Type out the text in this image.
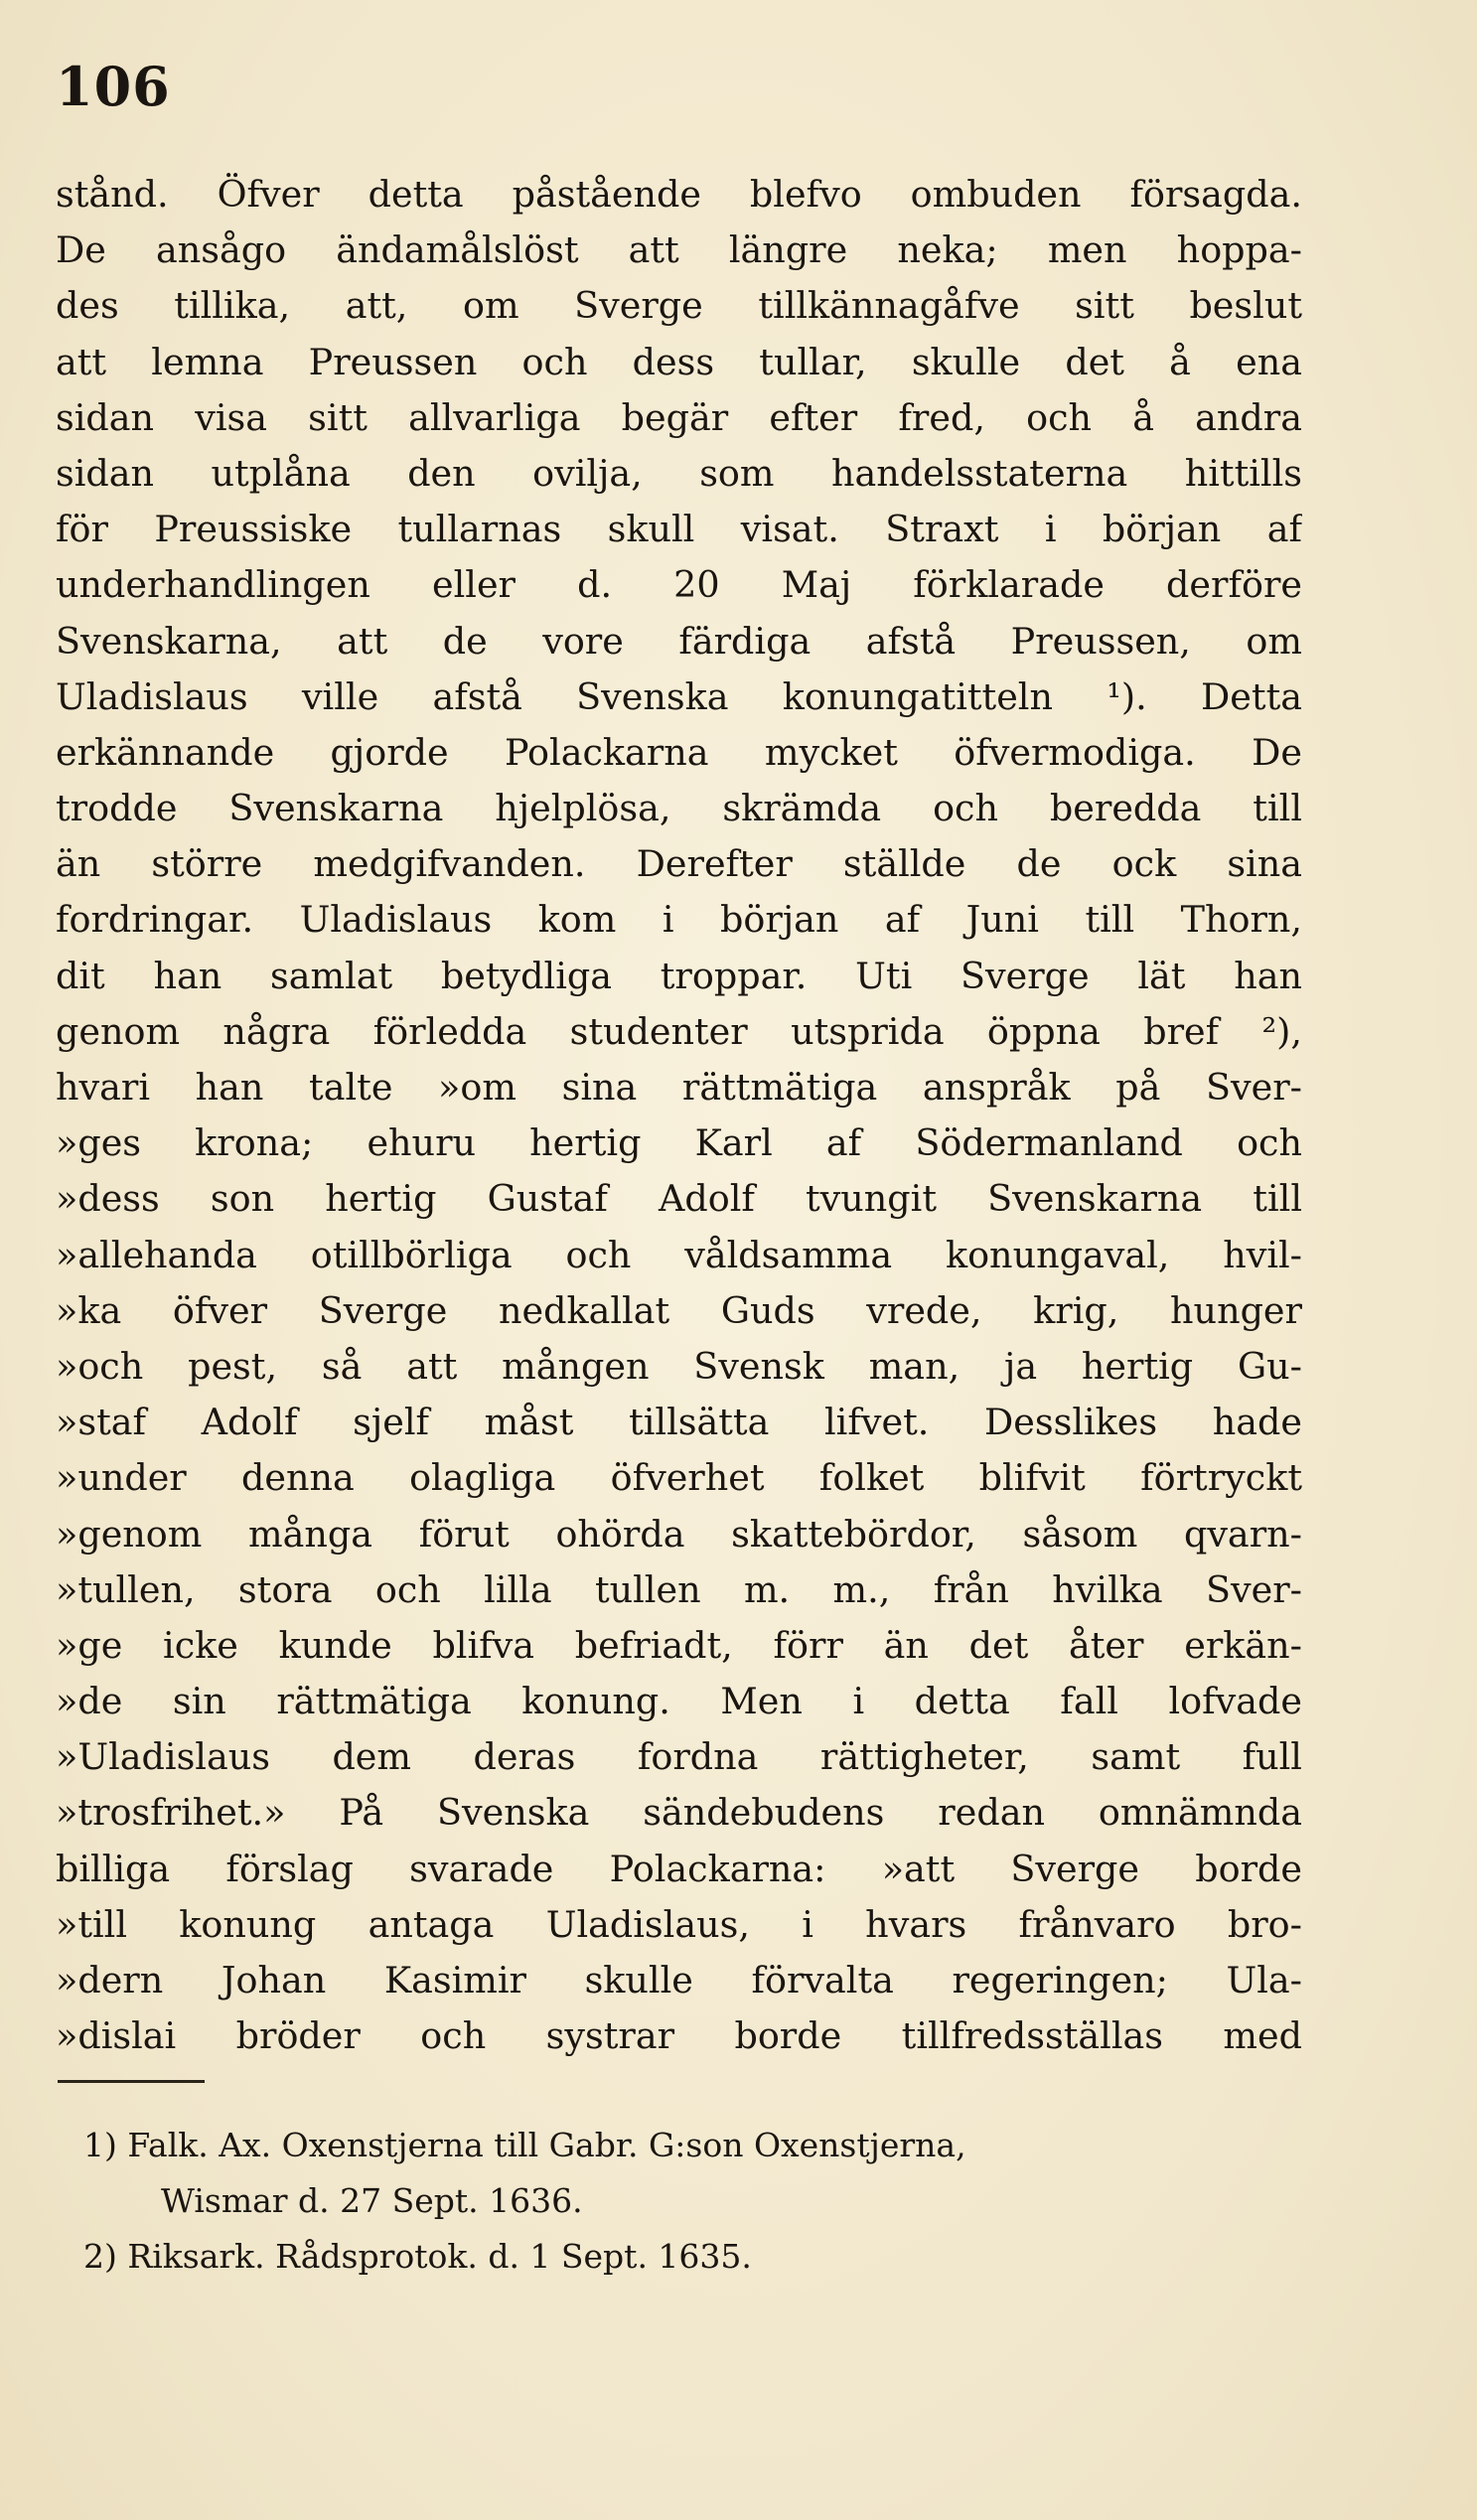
106
stånd. Öfver detta påstående blefvo ombuden försagda.
De ansågo ändamålslöst att längre neka; men hoppa-
des tillika, att, om Sverge tillkännagåfve sitt beslut
att lemna Preussen och dess tullar, skulle det å ena
sidan visa sitt allvarliga begär efter fred, och å andra
sidan utplåna den ovilja, som handelsstaterna hittills
för Preussiske tullarnas skull visat. Straxt i början af
underhandlingen eller d. 20 Maj förklarade derföre
Svenskarna, att de vore färdiga afstå Preussen, om
Uladislaus ville afstå Svenska konungatitteln ¹). Detta
erkännande gjorde Polackarna mycket öfvermodiga. De
trodde Svenskarna hjelplösa, skrämda och beredda till
än större medgifvanden. Derefter ställde de ock sina
fordringar. Uladislaus kom i början af Juni till Thorn,
dit han samlat betydliga troppar. Uti Sverge lät han
genom några förledda studenter utsprida öppna bref ²),
hvari han talte »om sina rättmätiga anspråk på Sver-
»ges krona; ehuru hertig Karl af Södermanland och
»dess son hertig Gustaf Adolf tvungit Svenskarna till
»allehanda otillbörliga och våldsamma konungaval, hvil-
»ka öfver Sverge nedkallat Guds vrede, krig, hunger
»och pest, så att mången Svensk man, ja hertig Gu-
»staf Adolf sjelf måst tillsätta lifvet. Desslikes hade
»under denna olagliga öfverhet folket blifvit förtryckt
»genom många förut ohörda skattebördor, såsom qvarn-
»tullen, stora och lilla tullen m. m., från hvilka Sver-
»ge icke kunde blifva befriadt, förr än det åter erkän-
»de sin rättmätiga konung. Men i detta fall lofvade
»Uladislaus dem deras fordna rättigheter, samt full
»trosfrihet.» På Svenska sändebudens redan omnämnda
billiga förslag svarade Polackarna: »att Sverge borde
»till konung antaga Uladislaus, i hvars frånvaro bro-
»dern Johan Kasimir skulle förvalta regeringen; Ula-
»dislai bröder och systrar borde tillfredsställas med
1) Falk. Ax. Oxenstjerna till Gabr. G:son Oxenstjerna,
Wismar d. 27 Sept. 1636.
2) Riksark. Rådsprotok. d. 1 Sept. 1635.
